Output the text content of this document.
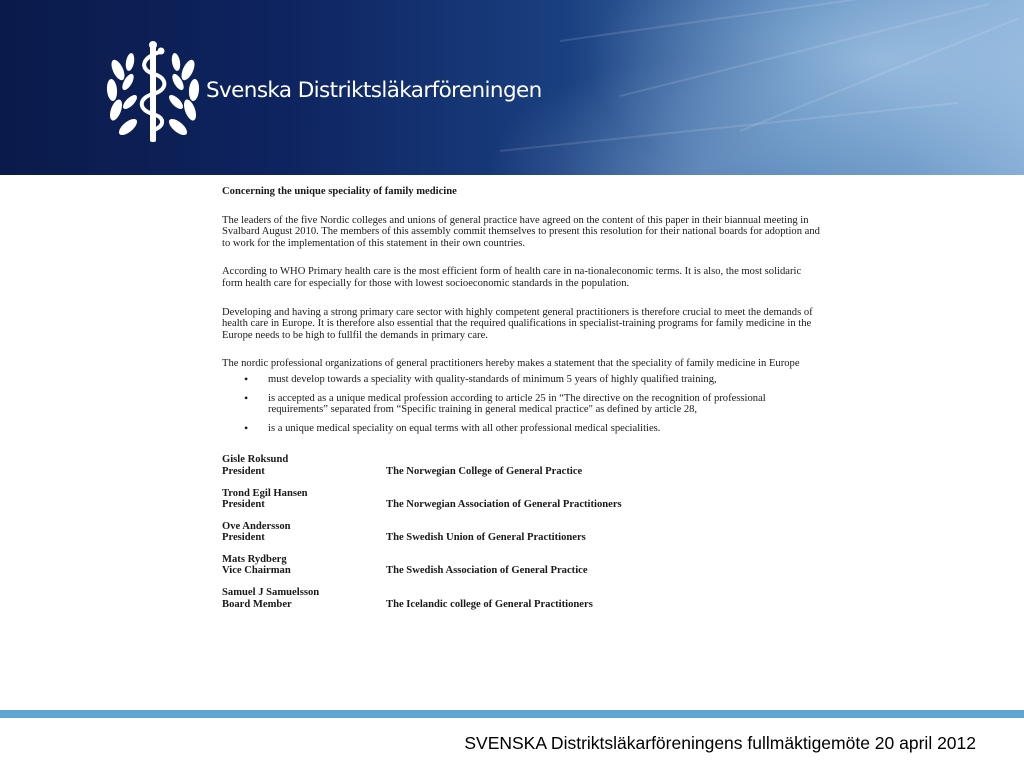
Svenska Distriktsläkarföreningen

Concerning the unique speciality of family medicine

The leaders of the five Nordic colleges and unions of general practice have agreed on the content of this paper in their biannual meeting in Svalbard August 2010. The members of this assembly commit themselves to present this resolution for their national boards for adoption and to work for the implementation of this statement in their own countries.

According to WHO Primary health care is the most efficient form of health care in na-tionaleconomic terms. It is also, the most solidaric form health care for especially for those with lowest socioeconomic standards in the population.

Developing and having a strong primary care sector with highly competent general practitioners is therefore crucial to meet the demands of health care in Europe. It is therefore also essential that the required qualifications in specialist-training programs for family medicine in the Europe needs to be high to fullfil the demands in primary care.

The nordic professional organizations of general practitioners hereby makes a statement that the speciality of family medicine in Europe

• must develop towards a speciality with quality-standards of minimum 5 years of highly qualified training,
• is accepted as a unique medical profession according to article 25 in “The directive on the recognition of professional requirements” separated from “Specific training in general medical practice" as defined by article 28,
• is a unique medical speciality on equal terms with all other professional medical specialities.
Gisle Roksund
President	The Norwegian College of General Practice
Trond Egil Hansen
President	The Norwegian Association of General Practitioners
Ove Andersson
President	The Swedish Union of General Practitioners
Mats Rydberg
Vice Chairman	The Swedish Association of General Practice
Samuel J Samuelsson
Board Member	The Icelandic college of General Practitioners
SVENSKA Distriktsläkarföreningens fullmäktigemöte 20 april 2012
